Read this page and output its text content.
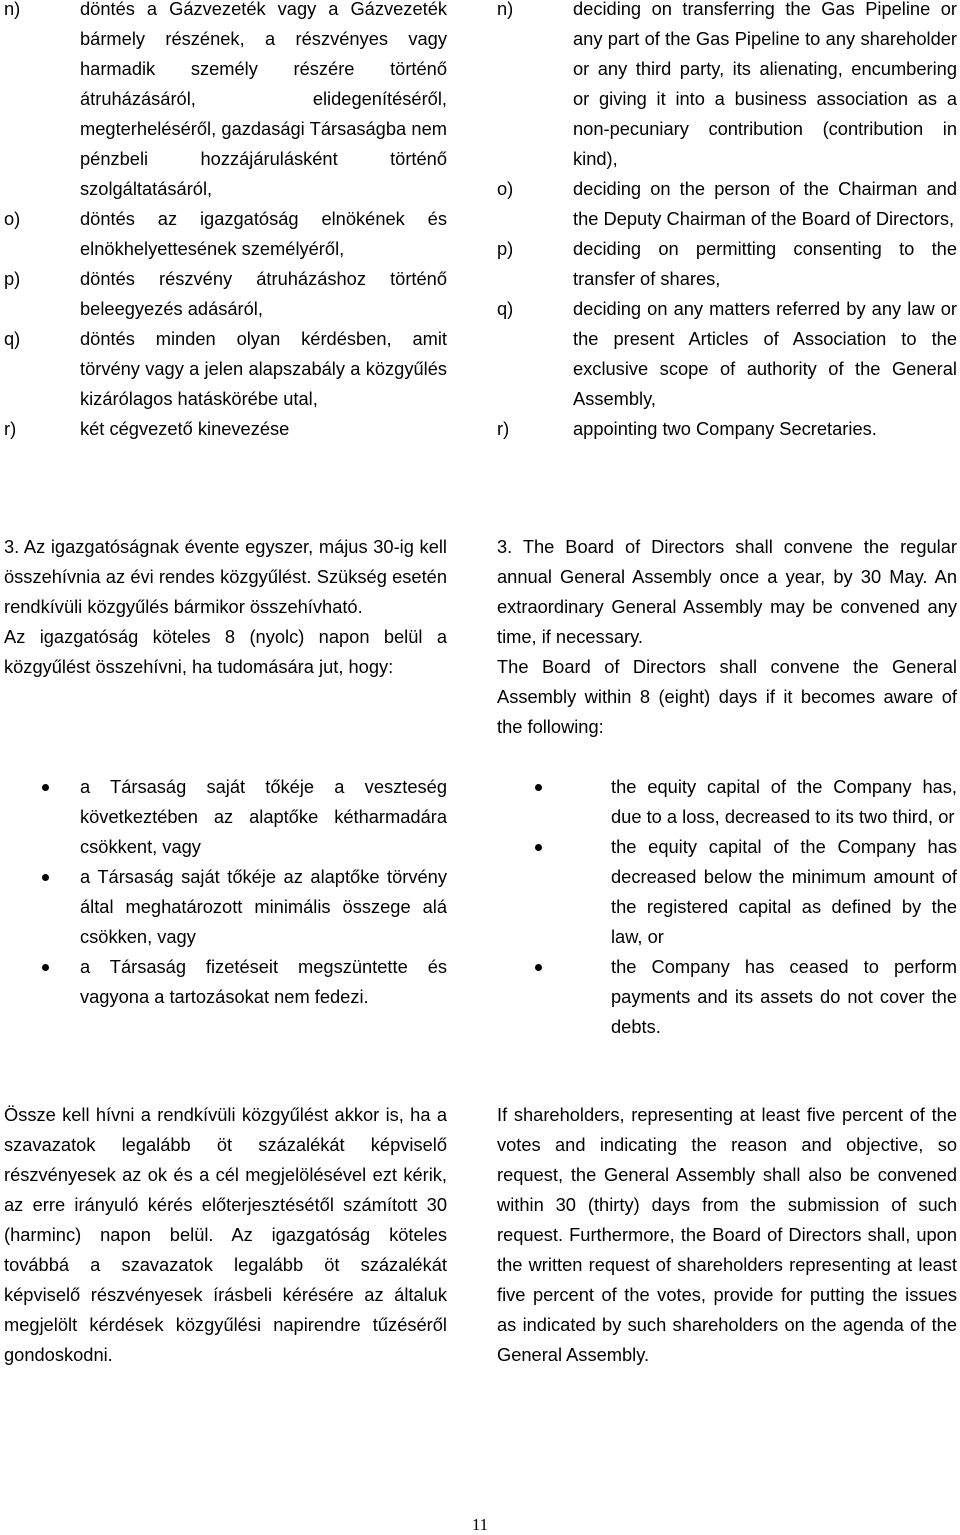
n)	döntés a Gázvezeték vagy a Gázvezeték bármely részének, a részvényes vagy harmadik személy részére történő átruházásáról, elidegenítéséről, megterheléséről, gazdasági Társaságba nem pénzbeli hozzájárulásként történő szolgáltatásáról,
o)	döntés az igazgatóság elnökének és elnökhelyettesének személyéről,
p)	döntés részvény átruházáshoz történő beleegyezés adásáról,
q)	döntés minden olyan kérdésben, amit törvény vagy a jelen alapszabály a közgyűlés kizárólagos hatáskörébe utal,
r)	két cégvezető kinevezése

3. Az igazgatóságnak évente egyszer, május 30-ig kell összehívnia az évi rendes közgyűlést. Szükség esetén rendkívüli közgyűlés bármikor összehívható.

Az igazgatóság köteles 8 (nyolc) napon belül a közgyűlést összehívni, ha tudomására jut, hogy:

a Társaság saját tőkéje a veszteség következtében az alaptőke kétharmadára csökkent, vagy
a Társaság saját tőkéje az alaptőke törvény által meghatározott minimális összege alá csökken, vagy
a Társaság fizetéseit megszüntette és vagyona a tartozásokat nem fedezi.

Össze kell hívni a rendkívüli közgyűlést akkor is, ha a szavazatok legalább öt százalékát képviselő részvényesek az ok és a cél megjelölésével ezt kérik, az erre irányuló kérés előterjesztésétől számított 30 (harminc) napon belül. Az igazgatóság köteles továbbá a szavazatok legalább öt százalékát képviselő részvényesek írásbeli kérésére az általuk megjelölt kérdések közgyűlési napirendre tűzéséről gondoskodni.

n)	deciding on transferring the Gas Pipeline or any part of the Gas Pipeline to any shareholder or any third party, its alienating, encumbering or giving it into a business association as a non-pecuniary contribution (contribution in kind),
o)	deciding on the person of the Chairman and the Deputy Chairman of the Board of Directors,
p)	deciding on permitting consenting to the transfer of shares,
q)	deciding on any matters referred by any law or the present Articles of Association to the exclusive scope of authority of the General Assembly,
r)	appointing two Company Secretaries.

3. The Board of Directors shall convene the regular annual General Assembly once a year, by 30 May. An extraordinary General Assembly may be convened any time, if necessary.

The Board of Directors shall convene the General Assembly within 8 (eight) days if it becomes aware of the following:

the equity capital of the Company has, due to a loss, decreased to its two third, or
the equity capital of the Company has decreased below the minimum amount of the registered capital as defined by the law, or
the Company has ceased to perform payments and its assets do not cover the debts.

If shareholders, representing at least five percent of the votes and indicating the reason and objective, so request, the General Assembly shall also be convened within 30 (thirty) days from the submission of such request. Furthermore, the Board of Directors shall, upon the written request of shareholders representing at least five percent of the votes, provide for putting the issues as indicated by such shareholders on the agenda of the General Assembly.

11
